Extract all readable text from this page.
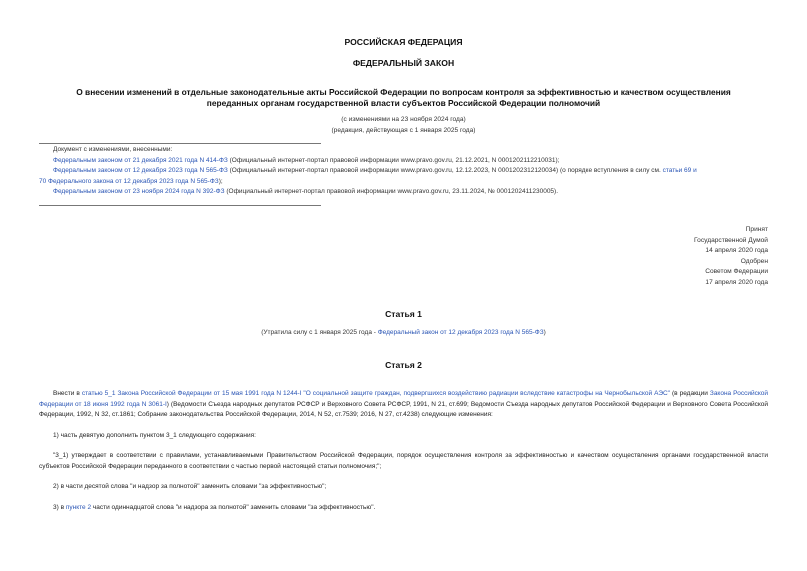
РОССИЙСКАЯ ФЕДЕРАЦИЯ
ФЕДЕРАЛЬНЫЙ ЗАКОН
О внесении изменений в отдельные законодательные акты Российской Федерации по вопросам контроля за эффективностью и качеством осуществления
переданных органам государственной власти субъектов Российской Федерации полномочий
(с изменениями на 23 ноября 2024 года)
(редакция, действующая с 1 января 2025 года)
Документ с изменениями, внесенными:
Федеральным законом от 21 декабря 2021 года N 414-ФЗ (Официальный интернет-портал правовой информации www.pravo.gov.ru, 21.12.2021, N 0001202112210031);
Федеральным законом от 12 декабря 2023 года N 565-ФЗ (Официальный интернет-портал правовой информации www.pravo.gov.ru, 12.12.2023, N 0001202312120034) (о порядке вступления в силу см. статьи 69 и
70 Федерального закона от 12 декабря 2023 года N 565-ФЗ);
Федеральным законом от 23 ноября 2024 года N 392-ФЗ (Официальный интернет-портал правовой информации www.pravo.gov.ru, 23.11.2024, № 0001202411230005).
Принят
Государственной Думой
14 апреля 2020 года
Одобрен
Советом Федерации
17 апреля 2020 года
Статья 1
(Утратила силу с 1 января 2025 года - Федеральный закон от 12 декабря 2023 года N 565-ФЗ)
Статья 2
Внести в статью 5_1 Закона Российской Федерации от 15 мая 1991 года N 1244-I "О социальной защите граждан, подвергшихся воздействию радиации вследствие катастрофы на Чернобыльской АЭС" (в редакции Закона Российской Федерации от 18 июня 1992 года N 3061-I) (Ведомости Съезда народных депутатов РСФСР и Верховного Совета РСФСР, 1991, N 21, ст.699; Ведомости Съезда народных депутатов Российской Федерации и Верховного Совета Российской Федерации, 1992, N 32, ст.1861; Собрание законодательства Российской Федерации, 2014, N 52, ст.7539; 2016, N 27, ст.4238) следующие изменения:
1) часть девятую дополнить пунктом 3_1 следующего содержания:
"3_1) утверждает в соответствии с правилами, устанавливаемыми Правительством Российской Федерации, порядок осуществления контроля за эффективностью и качеством осуществления органами государственной власти субъектов Российской Федерации переданного в соответствии с частью первой настоящей статьи полномочия;";
2) в части десятой слова "и надзор за полнотой" заменить словами "за эффективностью";
3) в пункте 2 части одиннадцатой слова "и надзора за полнотой" заменить словами "за эффективностью".
